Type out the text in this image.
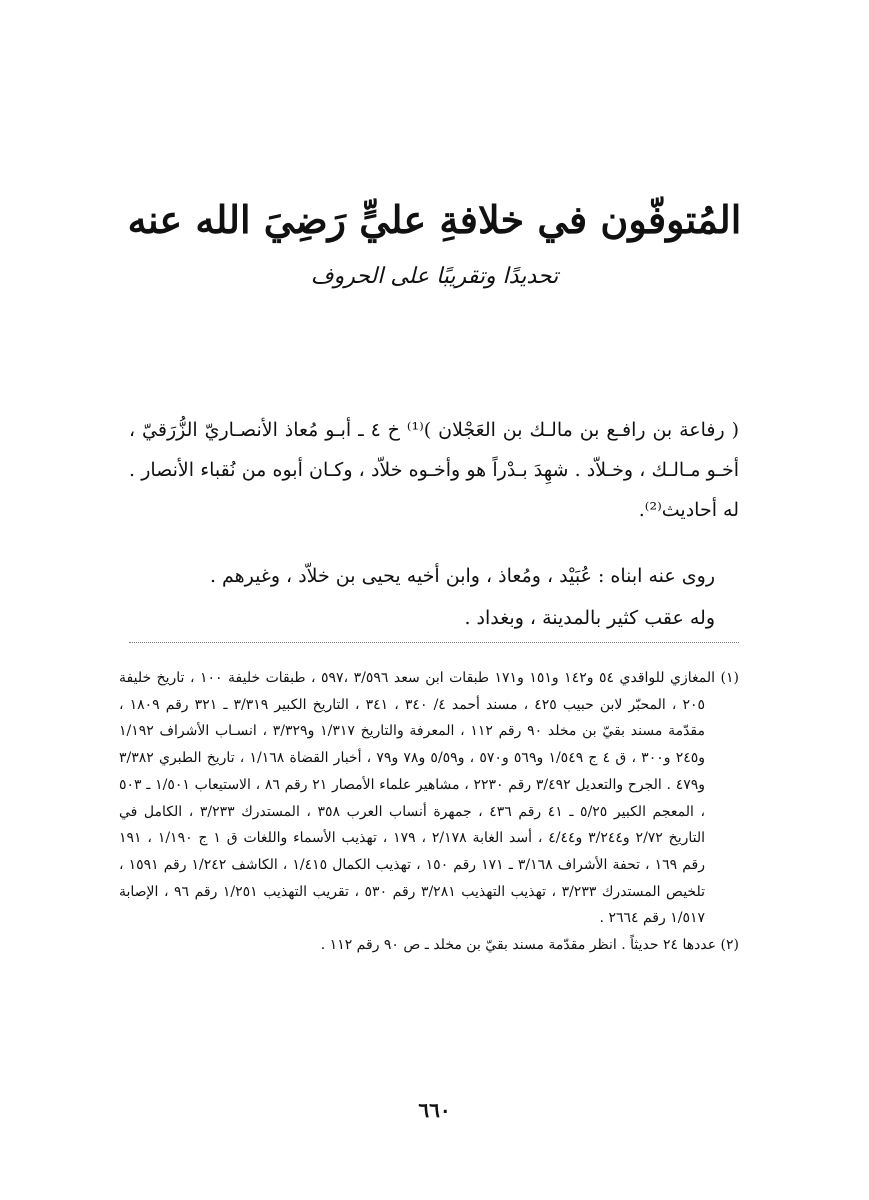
المُتوفّون في خلافةِ عليٍّ رَضِيَ الله عنه
تحديدًا وتقريبًا على الحروف

( رفاعة بن رافـع بن مالـك بن العَجْلان )⁽¹⁾ خ ٤ ـ أبـو مُعاذ الأنصـاريّ الزُّرَقيّ ، أخـو مـالـك ، وخـلاّد . شهِدَ بـدْراً هو وأخـوه خلاّد ، وكـان أبوه من نُقباء الأنصار . له أحاديث⁽²⁾.

روى عنه ابناه : عُبَيْد ، ومُعاذ ، وابن أخيه يحيى بن خلاّد ، وغيرهم .

وله عقب كثير بالمدينة ، وبغداد .

(١) المغازي للواقدي ٥٤ و١٤٢ و١٥١ و١٧١ طبقات ابن سعد ٣/٥٩٦ ،٥٩٧ ، طبقات خليفة ١٠٠ ، تاريخ خليفة ٢٠٥ ، المحبّر لابن حبيب ٤٢٥ ، مسند أحمد ٤/ ٣٤٠ ، ٣٤١ ، التاريخ الكبير ٣/٣١٩ ـ ٣٢١ رقم ١٨٠٩ ، مقدّمة مسند بقيّ بن مخلد ٩٠ رقم ١١٢ ، المعرفة والتاريخ ١/٣١٧ و٣/٣٢٩ ، انسـاب الأشراف ١/١٩٢ و٢٤٥ و٣٠٠ ، ق ٤ ج ١/٥٤٩ و٥٦٩ و٥٧٠ ، و٥/٥٩ و٧٨ و٧٩ ، أخبار القضاة ١/١٦٨ ، تاريخ الطبري ٣/٣٨٢ و٤٧٩ . الجرح والتعديل ٣/٤٩٢ رقم ٢٢٣٠ ، مشاهير علماء الأمصار ٢١ رقم ٨٦ ، الاستيعاب ١/٥٠١ ـ ٥٠٣ ، المعجم الكبير ٥/٢٥ ـ ٤١ رقم ٤٣٦ ، جمهرة أنساب العرب ٣٥٨ ، المستدرك ٣/٢٣٣ ، الكامل في التاريخ ٢/٧٢ و٣/٢٤٤ و٤/٤٤ ، أسد الغابة ٢/١٧٨ ، ١٧٩ ، تهذيب الأسماء واللغات ق ١ ج ١/١٩٠ ، ١٩١ رقم ١٦٩ ، تحفة الأشراف ٣/١٦٨ ـ ١٧١ رقم ١٥٠ ، تهذيب الكمال ١/٤١٥ ، الكاشف ١/٢٤٢ رقم ١٥٩١ ، تلخيص المستدرك ٣/٢٣٣ ، تهذيب التهذيب ٣/٢٨١ رقم ٥٣٠ ، تقريب التهذيب ١/٢٥١ رقم ٩٦ ، الإصابة ١/٥١٧ رقم ٢٦٦٤ .

(٢) عددها ٢٤ حديثاً . انظر مقدّمة مسند بقيّ بن مخلد ـ ص ٩٠ رقم ١١٢ .

٦٦٠
